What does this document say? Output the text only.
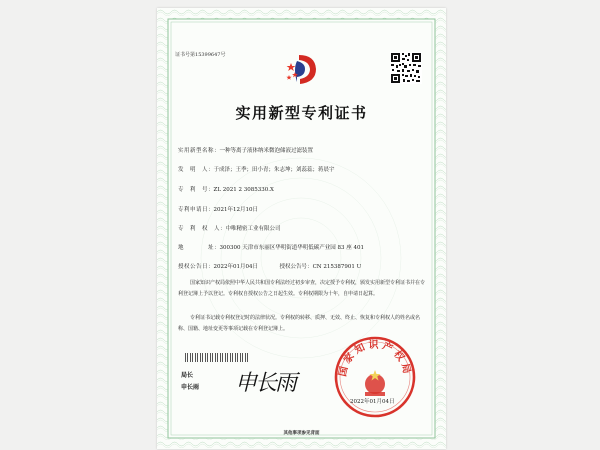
证书号第15399647号
实用新型专利证书
实用新型名称：一种等离子液体纳米微泡储液过滤装置
发　明　人：于成泽；王季；田小青；朱志坤；刘蕊蕊；蒋晨宇
专　利　号：ZL 2021 2 3085330.X
专利申请日：2021年12月10日
专　利　权　人：中唯精密工业有限公司
地　　　　址：300300 天津市东丽区华明街道华明低碳产业园 83 座 401
授权公告日：2022年01月04日	授权公告号：CN 215387901 U
国家知识产权局依照中华人民共和国专利法经过初步审查，决定授予专利权，颁发实用新型专利证书并在专利登记簿上予以登记。专利权自授权公告之日起生效。专利权期限为十年，自申请日起算。
专利证书记载专利权登记时的法律状况。专利权的转移、质押、无效、终止、恢复和专利权人的姓名或名称、国籍、地址变更等事项记载在专利登记簿上。
局长
申长雨 申长雨
国家知识产权局
2022年01月04日
其他事项参见背面
